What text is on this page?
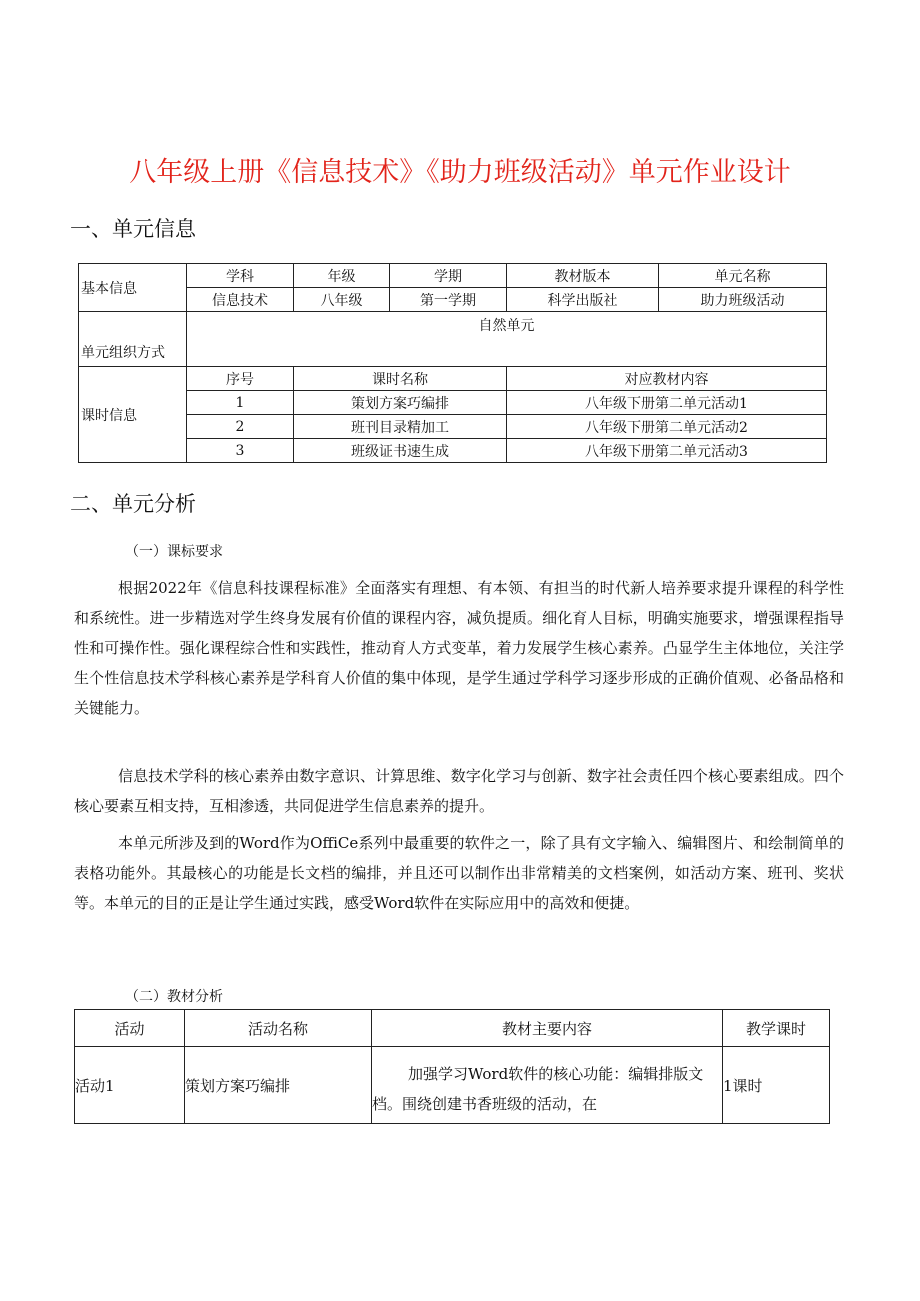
八年级上册《信息技术》《助力班级活动》单元作业设计
一、单元信息
基本信息	学科	年级	学期	教材版本	单元名称
	信息技术	八年级	第一学期	科学出版社	助力班级活动
单元组织方式	自然单元				
课时信息	序号	课时名称		对应教材内容	
	1	策划方案巧编排		八年级下册第二单元活动1	
	2	班刊目录精加工		八年级下册第二单元活动2	
	3	班级证书速生成		八年级下册第二单元活动3	
二、单元分析
（一）课标要求
根据2022年《信息科技课程标准》全面落实有理想、有本领、有担当的时代新人培养要求提升课程的科学性和系统性。进一步精选对学生终身发展有价值的课程内容，减负提质。细化育人目标，明确实施要求，增强课程指导性和可操作性。强化课程综合性和实践性，推动育人方式变革，着力发展学生核心素养。凸显学生主体地位，关注学生个性信息技术学科核心素养是学科育人价值的集中体现，是学生通过学科学习逐步形成的正确价值观、必备品格和关键能力。
信息技术学科的核心素养由数字意识、计算思维、数字化学习与创新、数字社会责任四个核心要素组成。四个核心要素互相支持，互相渗透，共同促进学生信息素养的提升。
本单元所涉及到的Word作为OffiCe系列中最重要的软件之一，除了具有文字输入、编辑图片、和绘制简单的表格功能外。其最核心的功能是长文档的编排，并且还可以制作出非常精美的文档案例，如活动方案、班刊、奖状等。本单元的目的正是让学生通过实践，感受Word软件在实际应用中的高效和便捷。
（二）教材分析
活动	活动名称	教材主要内容	教学课时
活动1	策划方案巧编排	加强学习Word软件的核心功能：编辑排版文档。围绕创建书香班级的活动，在	1课时
